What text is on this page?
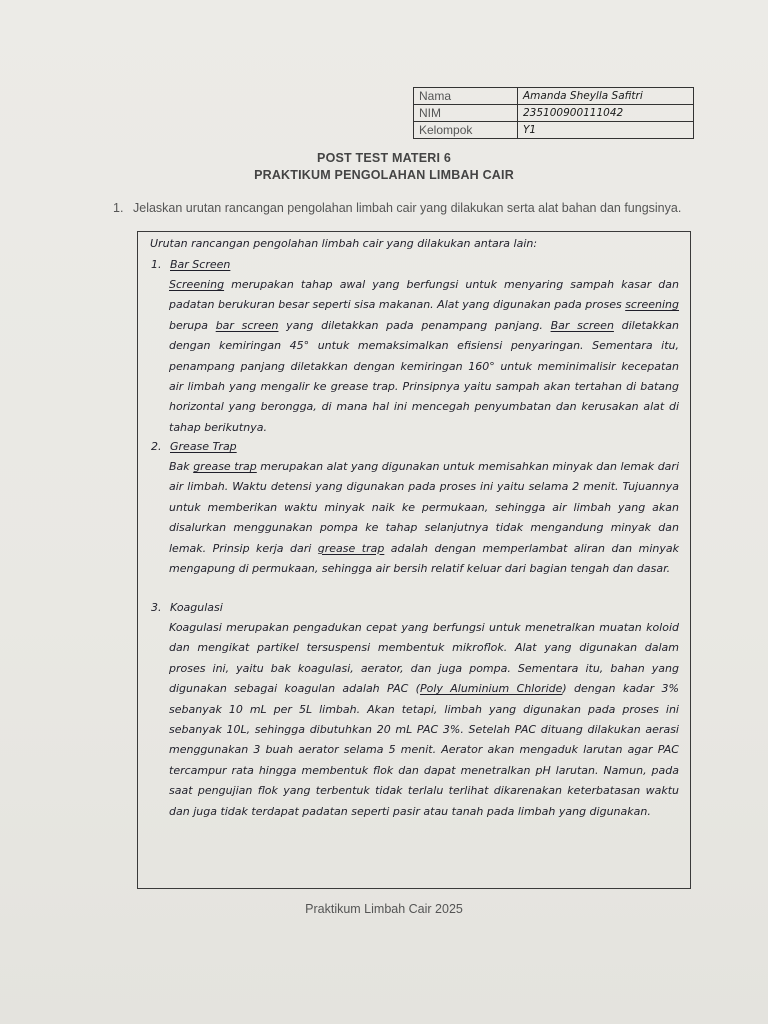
Nama	Amanda Sheylla Safitri
NIM	235100900111042
Kelompok	Y1
POST TEST MATERI 6
PRAKTIKUM PENGOLAHAN LIMBAH CAIR
1. Jelaskan urutan rancangan pengolahan limbah cair yang dilakukan serta alat bahan dan fungsinya.
Urutan rancangan pengolahan limbah cair yang dilakukan antara lain:
1. Bar Screen
Screening merupakan tahap awal yang berfungsi untuk menyaring sampah kasar dan padatan berukuran besar seperti sisa makanan. Alat yang digunakan pada proses screening berupa bar screen yang diletakkan pada penampang panjang. Bar screen diletakkan dengan kemiringan 45° untuk memaksimalkan efisiensi penyaringan. Sementara itu, penampang panjang diletakkan dengan kemiringan 160° untuk meminimalisir kecepatan air limbah yang mengalir ke grease trap. Prinsipnya yaitu sampah akan tertahan di batang horizontal yang berongga, di mana hal ini mencegah penyumbatan dan kerusakan alat di tahap berikutnya.
2. Grease Trap
Bak grease trap merupakan alat yang digunakan untuk memisahkan minyak dan lemak dari air limbah. Waktu detensi yang digunakan pada proses ini yaitu selama 2 menit. Tujuannya untuk memberikan waktu minyak naik ke permukaan, sehingga air limbah yang akan disalurkan menggunakan pompa ke tahap selanjutnya tidak mengandung minyak dan lemak. Prinsip kerja dari grease trap adalah dengan memperlambat aliran dan minyak mengapung di permukaan, sehingga air bersih relatif keluar dari bagian tengah dan dasar.
3. Koagulasi
Koagulasi merupakan pengadukan cepat yang berfungsi untuk menetralkan muatan koloid dan mengikat partikel tersuspensi membentuk mikroflok. Alat yang digunakan dalam proses ini, yaitu bak koagulasi, aerator, dan juga pompa. Sementara itu, bahan yang digunakan sebagai koagulan adalah PAC (Poly Aluminium Chloride) dengan kadar 3% sebanyak 10 mL per 5L limbah. Akan tetapi, limbah yang digunakan pada proses ini sebanyak 10L, sehingga dibutuhkan 20 mL PAC 3%. Setelah PAC dituang dilakukan aerasi menggunakan 3 buah aerator selama 5 menit. Aerator akan mengaduk larutan agar PAC tercampur rata hingga membentuk flok dan dapat menetralkan pH larutan. Namun, pada saat pengujian flok yang terbentuk tidak terlalu terlihat dikarenakan keterbatasan waktu dan juga tidak terdapat padatan seperti pasir atau tanah pada limbah yang digunakan.
Praktikum Limbah Cair 2025
